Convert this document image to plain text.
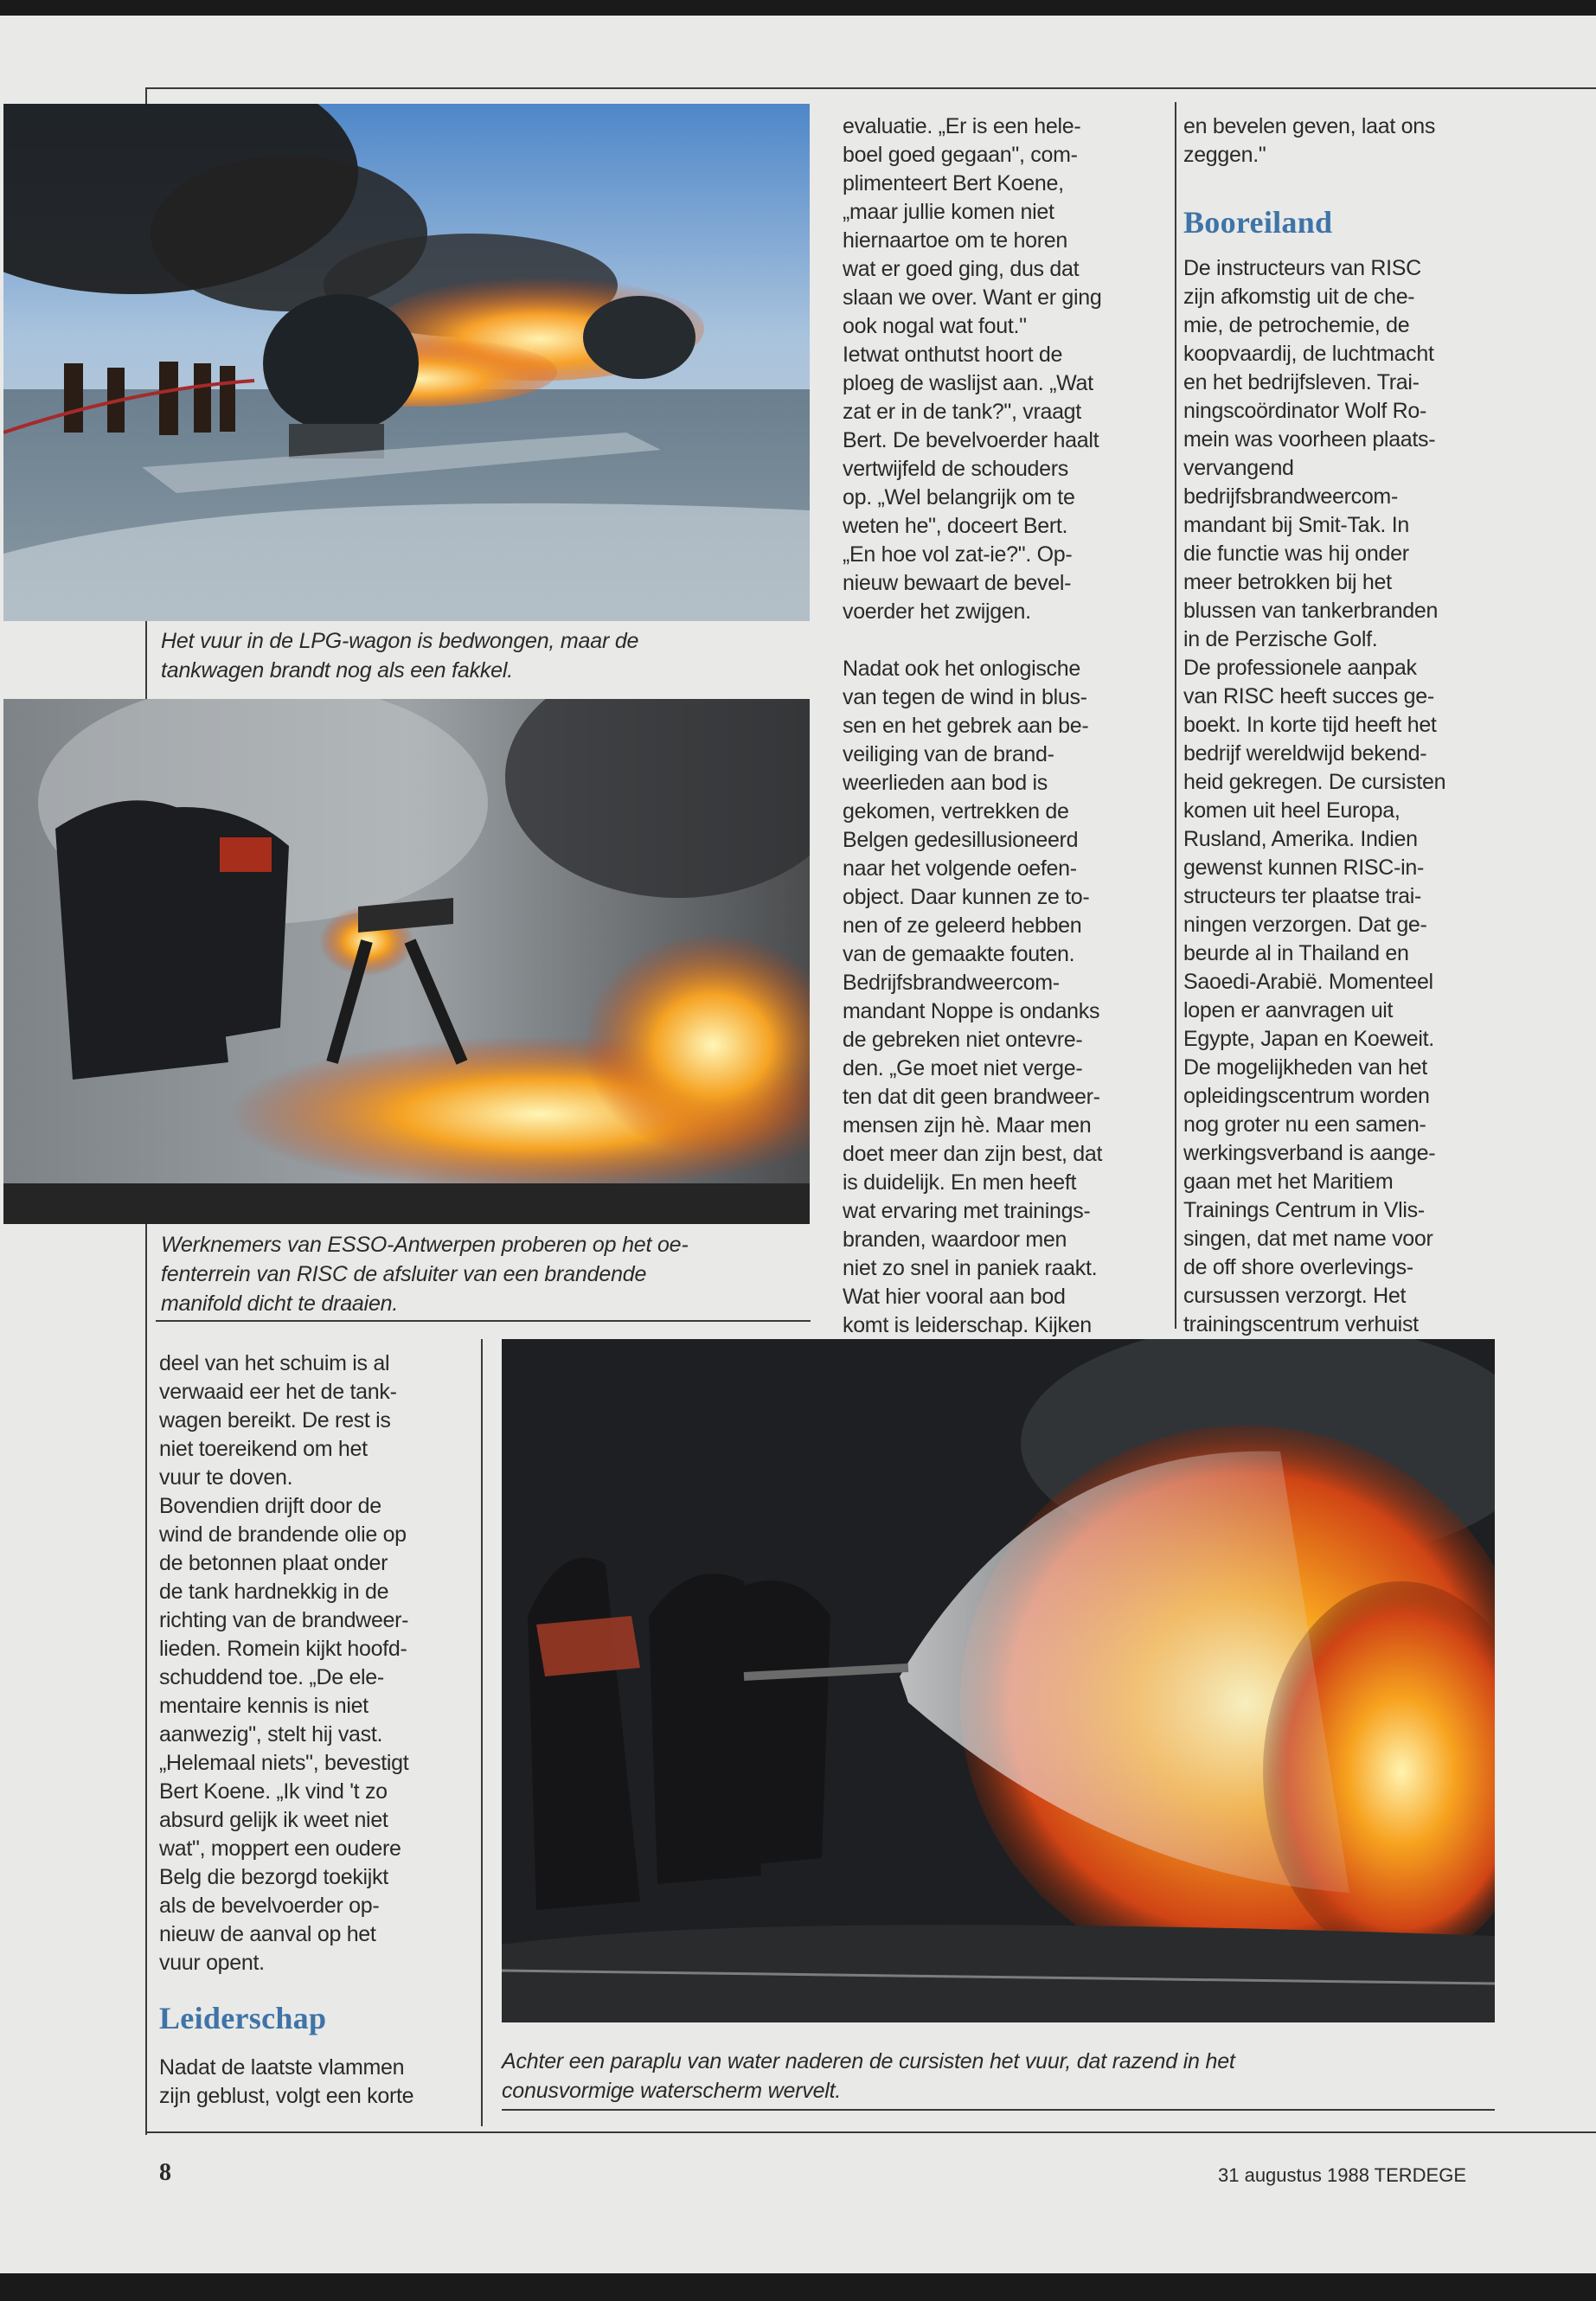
Het vuur in de LPG-wagon is bedwongen, maar de
tankwagen brandt nog als een fakkel.

Werknemers van ESSO-Antwerpen proberen op het oe-
fenterrein van RISC de afsluiter van een brandende
manifold dicht te draaien.

Achter een paraplu van water naderen de cursisten het vuur, dat razend in het
conusvormige waterscherm wervelt.

evaluatie. „Er is een hele-
boel goed gegaan", com-
plimenteert Bert Koene,
„maar jullie komen niet
hiernaartoe om te horen
wat er goed ging, dus dat
slaan we over. Want er ging
ook nogal wat fout."
Ietwat onthutst hoort de
ploeg de waslijst aan. „Wat
zat er in de tank?", vraagt
Bert. De bevelvoerder haalt
vertwijfeld de schouders
op. „Wel belangrijk om te
weten he", doceert Bert.
„En hoe vol zat-ie?". Op-
nieuw bewaart de bevel-
voerder het zwijgen.

Nadat ook het onlogische
van tegen de wind in blus-
sen en het gebrek aan be-
veiliging van de brand-
weerlieden aan bod is
gekomen, vertrekken de
Belgen gedesillusioneerd
naar het volgende oefen-
object. Daar kunnen ze to-
nen of ze geleerd hebben
van de gemaakte fouten.
Bedrijfsbrandweercom-
mandant Noppe is ondanks
de gebreken niet ontevre-
den. „Ge moet niet verge-
ten dat dit geen brandweer-
mensen zijn hè. Maar men
doet meer dan zijn best, dat
is duidelijk. En men heeft
wat ervaring met trainings-
branden, waardoor men
niet zo snel in paniek raakt.
Wat hier vooral aan bod
komt is leiderschap. Kijken

en bevelen geven, laat ons
zeggen."

Booreiland

De instructeurs van RISC
zijn afkomstig uit de che-
mie, de petrochemie, de
koopvaardij, de luchtmacht
en het bedrijfsleven. Trai-
ningscoördinator Wolf Ro-
mein was voorheen plaats-
vervangend
bedrijfsbrandweercom-
mandant bij Smit-Tak. In
die functie was hij onder
meer betrokken bij het
blussen van tankerbranden
in de Perzische Golf.
De professionele aanpak
van RISC heeft succes ge-
boekt. In korte tijd heeft het
bedrijf wereldwijd bekend-
heid gekregen. De cursisten
komen uit heel Europa,
Rusland, Amerika. Indien
gewenst kunnen RISC-in-
structeurs ter plaatse trai-
ningen verzorgen. Dat ge-
beurde al in Thailand en
Saoedi-Arabië. Momenteel
lopen er aanvragen uit
Egypte, Japan en Koeweit.
De mogelijkheden van het
opleidingscentrum worden
nog groter nu een samen-
werkingsverband is aange-
gaan met het Maritiem
Trainings Centrum in Vlis-
singen, dat met name voor
de off shore overlevings-
cursussen verzorgt. Het
trainingscentrum verhuist

deel van het schuim is al
verwaaid eer het de tank-
wagen bereikt. De rest is
niet toereikend om het
vuur te doven.
Bovendien drijft door de
wind de brandende olie op
de betonnen plaat onder
de tank hardnekkig in de
richting van de brandweer-
lieden. Romein kijkt hoofd-
schuddend toe. „De ele-
mentaire kennis is niet
aanwezig", stelt hij vast.
„Helemaal niets", bevestigt
Bert Koene. „Ik vind 't zo
absurd gelijk ik weet niet
wat", moppert een oudere
Belg die bezorgd toekijkt
als de bevelvoerder op-
nieuw de aanval op het
vuur opent.

Leiderschap

Nadat de laatste vlammen
zijn geblust, volgt een korte

8	31 augustus 1988 TERDEGE
